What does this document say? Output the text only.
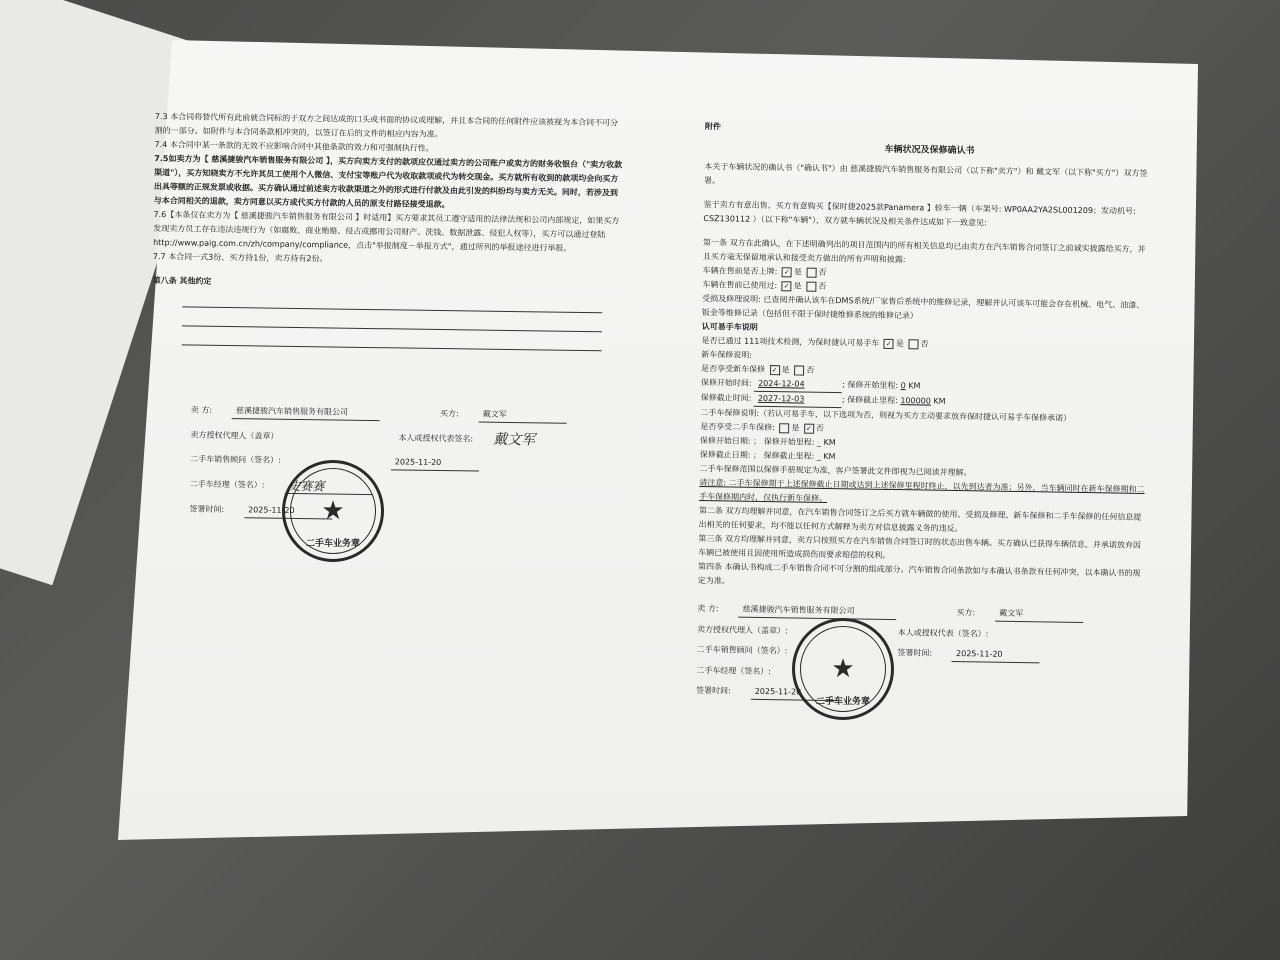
7.3 本合同将替代所有此前就合同标的于双方之间达成的口头或书面的协议或理解，并且本合同的任何附件应该被视为本合同不可分割的一部分。如附件与本合同条款相冲突的，以签订在后的文件的相应内容为准。

7.4 本合同中某一条款的无效不应影响合同中其他条款的效力和可强制执行性。

7.5如卖方为【 慈溪捷骏汽车销售服务有限公司 】，买方向卖方支付的款项应仅通过卖方的公司账户或卖方的财务收银台（"卖方收款渠道"），买方知晓卖方不允许其员工使用个人微信、支付宝等账户代为收取款项或代为转交现金。买方就所有收到的款项均会向买方出具等额的正规发票或收据。买方确认通过前述卖方收款渠道之外的形式进行付款及由此引发的纠纷均与卖方无关。同时，若涉及到与本合同相关的退款，卖方同意以买方或代买方付款的人员的原支付路径接受退款。

7.6【本条仅在卖方为【 慈溪捷骏汽车销售服务有限公司 】时适用】买方要求其员工遵守适用的法律法规和公司内部规定，如果买方发现卖方员工存在违法违规行为（如腐败、商业贿赂、侵占或挪用公司财产、洗钱、数据泄露、侵犯人权等），买方可以通过登陆http://www.paig.com.cn/zh/company/compliance，点击"举报制度－举报方式"，通过所列的举报途径进行举报。

7.7 本合同一式3份、买方持1份，卖方持有2份。

第八条 其他约定

卖 方:	慈溪捷骏汽车销售服务有限公司	买方:	戴文军
卖方授权代理人（盖章）	本人或授权代表签名: 戴文军
二手车销售顾问（签名）:	2025-11-20
二手车经理（签名）:	史赛赛
签署时间:	2025-11-20	★
二手车业务章

附件

车辆状况及保修确认书

本关于车辆状况的确认书（"确认书"）由 慈溪捷骏汽车销售服务有限公司（以下称"卖方"）和 戴文军（以下称"买方"）双方签署。

鉴于卖方有意出售、买方有意购买【保时捷2025款Panamera 】轿车一辆（车架号: WP0AA2YA2SL001209；发动机号: CSZ130112 ）（以下称"车辆"），双方就车辆状况及相关条件达成如下一致意见:

第一条 双方在此确认，在下述明确列出的项目范围内的所有相关信息均已由卖方在汽车销售合同签订之前诚实披露给买方，并且买方毫无保留地承认和接受卖方做出的所有声明和披露:

车辆在售前是否上牌: ✓ 是 否

车辆在售前已使用过: ✓ 是 否

受损及修理说明: 已查阅并确认该车在DMS系统/厂家售后系统中的维修记录，理解并认可该车可能会存在机械、电气、油漆、钣金等维修记录（包括但不限于保时捷维修系统的维修记录）

认可易手车说明

是否已通过 111项技术检测，为保时捷认可易手车 ✓ 是 否

新车保修说明:

是否享受新车保修 ✓ 是 否

保修开始时间: 2024-12-04	; 保修开始里程: 0 KM

保修截止时间: 2027-12-03	; 保修截止里程: 100000 KM

二手车保修说明:（若认可易手车，以下选项为否，则视为买方主动要求放弃保时捷认可易手车保修承诺）

是否享受二手车保修: 是 ✓ 否

保修开始日期: ； 保修开始里程: _ KM

保修截止日期: ； 保修截止里程: _ KM

二手车保修范围以保修手册规定为准，客户签署此文件即视为已阅读并理解。

请注意: 二手车保修期于上述保修截止日期或达到上述保修里程时终止，以先到达者为准；另外，当车辆同时在新车保修期和二手车保修期内时，仅执行新车保修。

第二条 双方均理解并同意，在汽车销售合同签订之后买方就车辆做的使用、受损及修理、新车保修和二手车保修的任何信息提出相关的任何要求，均不能以任何方式解释为卖方对信息披露义务的违反。

第三条 双方均理解并同意，卖方只按照买方在汽车销售合同签订时的状态出售车辆。买方确认已获得车辆信息，并承诺放弃因车辆已被使用且因使用所造成损伤而要求赔偿的权利。

第四条 本确认书构成二手车销售合同不可分割的组成部分。汽车销售合同条款如与本确认书条款有任何冲突，以本确认书的规定为准。

卖 方:	慈溪捷骏汽车销售服务有限公司	买方:	戴文军
卖方授权代理人（盖章）:	本人或授权代表（签名）:
二手车销售顾问（签名）:	签署时间:	2025-11-20
二手车经理（签名）:
签署时间:	2025-11-20
★
二手车业务章
